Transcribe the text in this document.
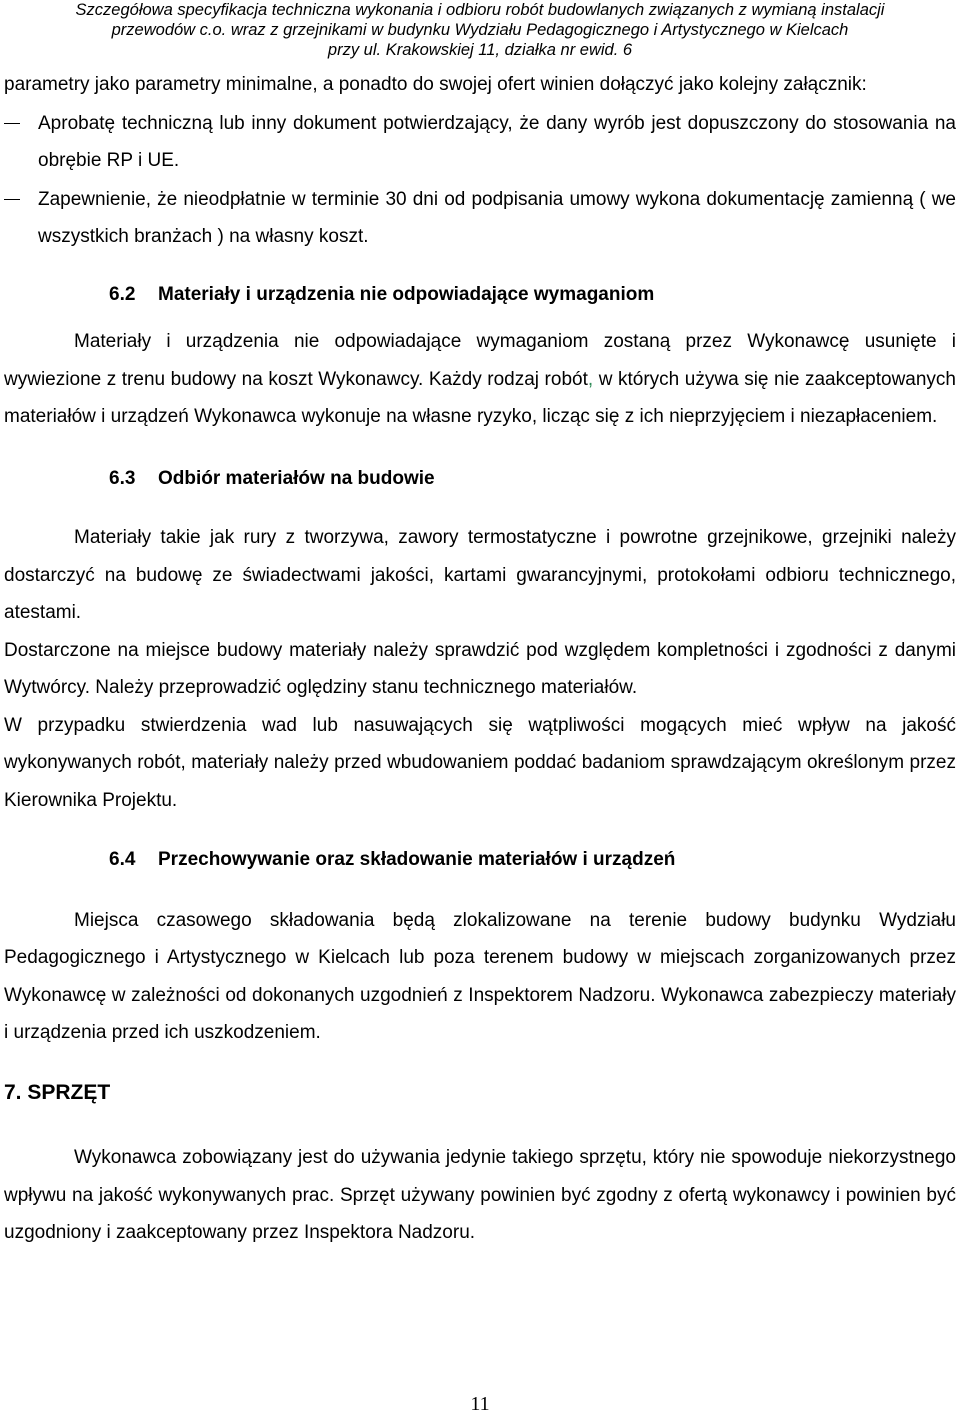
Szczegółowa specyfikacja techniczna wykonania i odbioru robót budowlanych związanych z wymianą instalacji
przewodów c.o. wraz z grzejnikami w budynku Wydziału Pedagogicznego i Artystycznego w Kielcach
przy ul. Krakowskiej 11, działka nr ewid. 6

parametry jako parametry minimalne, a ponadto do swojej ofert winien dołączyć jako kolejny załącznik:

Aprobatę techniczną lub inny dokument potwierdzający, że dany wyrób jest dopuszczony do stosowania na obrębie RP i UE.

Zapewnienie, że nieodpłatnie w terminie 30 dni od podpisania umowy wykona dokumentację zamienną ( we wszystkich branżach ) na własny koszt.

6.2 Materiały i urządzenia nie odpowiadające wymaganiom

Materiały i urządzenia nie odpowiadające wymaganiom zostaną przez Wykonawcę usunięte i wywiezione z trenu budowy na koszt Wykonawcy. Każdy rodzaj robót, w których używa się nie zaakceptowanych materiałów i urządzeń Wykonawca wykonuje na własne ryzyko, licząc się z ich nieprzyjęciem i niezapłaceniem.

6.3 Odbiór materiałów na budowie

Materiały takie jak rury z tworzywa, zawory termostatyczne i powrotne grzejnikowe, grzejniki należy dostarczyć na budowę ze świadectwami jakości, kartami gwarancyjnymi, protokołami odbioru technicznego, atestami.

Dostarczone na miejsce budowy materiały należy sprawdzić pod względem kompletności i zgodności z danymi Wytwórcy. Należy przeprowadzić oględziny stanu technicznego materiałów.

W przypadku stwierdzenia wad lub nasuwających się wątpliwości mogących mieć wpływ na jakość wykonywanych robót, materiały należy przed wbudowaniem poddać badaniom sprawdzającym określonym przez Kierownika Projektu.

6.4 Przechowywanie oraz składowanie materiałów i urządzeń

Miejsca czasowego składowania będą zlokalizowane na terenie budowy budynku Wydziału Pedagogicznego i Artystycznego w Kielcach lub poza terenem budowy w miejscach zorganizowanych przez Wykonawcę w zależności od dokonanych uzgodnień z Inspektorem Nadzoru. Wykonawca zabezpieczy materiały i urządzenia przed ich uszkodzeniem.

7. SPRZĘT

Wykonawca zobowiązany jest do używania jedynie takiego sprzętu, który nie spowoduje niekorzystnego wpływu na jakość wykonywanych prac. Sprzęt używany powinien być zgodny z ofertą wykonawcy i powinien być uzgodniony i zaakceptowany przez Inspektora Nadzoru.

11
